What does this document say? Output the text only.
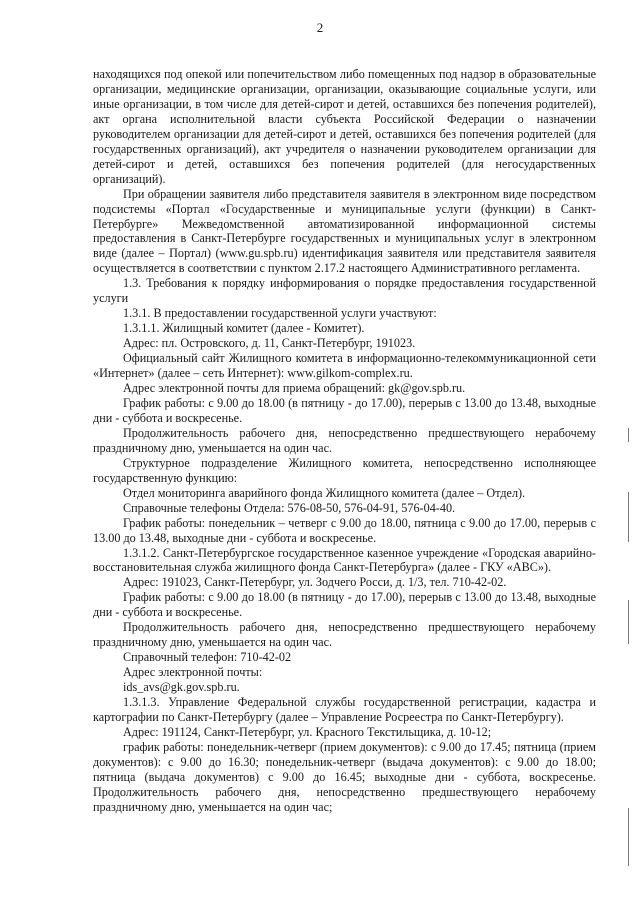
2

находящихся под опекой или попечительством либо помещенных под надзор в образовательные организации, медицинские организации, организации, оказывающие социальные услуги, или иные организации, в том числе для детей-сирот и детей, оставшихся без попечения родителей), акт органа исполнительной власти субъекта Российской Федерации о назначении руководителем организации для детей-сирот и детей, оставшихся без попечения родителей (для государственных организаций), акт учредителя о назначении руководителем организации для детей-сирот и детей, оставшихся без попечения родителей (для негосударственных организаций).

При обращении заявителя либо представителя заявителя в электронном виде посредством подсистемы «Портал «Государственные и муниципальные услуги (функции) в Санкт-Петербурге» Межведомственной автоматизированной информационной системы предоставления в Санкт-Петербурге государственных и муниципальных услуг в электронном виде (далее – Портал) (www.gu.spb.ru) идентификация заявителя или представителя заявителя осуществляется в соответствии с пунктом 2.17.2 настоящего Административного регламента.

1.3. Требования к порядку информирования о порядке предоставления государственной услуги

1.3.1. В предоставлении государственной услуги участвуют:

1.3.1.1. Жилищный комитет (далее - Комитет).

Адрес: пл. Островского, д. 11, Санкт-Петербург, 191023.

Официальный сайт Жилищного комитета в информационно-телекоммуникационной сети «Интернет» (далее – сеть Интернет): www.gilkom-complex.ru.

Адрес электронной почты для приема обращений: gk@gov.spb.ru.

График работы: с 9.00 до 18.00 (в пятницу - до 17.00), перерыв с 13.00 до 13.48, выходные дни - суббота и воскресенье.

Продолжительность рабочего дня, непосредственно предшествующего нерабочему праздничному дню, уменьшается на один час.

Структурное подразделение Жилищного комитета, непосредственно исполняющее государственную функцию:

Отдел мониторинга аварийного фонда Жилищного комитета (далее – Отдел).

Справочные телефоны Отдела: 576-08-50, 576-04-91, 576-04-40.

График работы: понедельник – четверг с 9.00 до 18.00, пятница с 9.00 до 17.00, перерыв с 13.00 до 13.48, выходные дни - суббота и воскресенье.

1.3.1.2. Санкт-Петербургское государственное казенное учреждение «Городская аварийно-восстановительная служба жилищного фонда Санкт-Петербурга» (далее - ГКУ «АВС»).

Адрес: 191023, Санкт-Петербург, ул. Зодчего Росси, д. 1/3, тел. 710-42-02.

График работы: с 9.00 до 18.00 (в пятницу - до 17.00), перерыв с 13.00 до 13.48, выходные дни - суббота и воскресенье.

Продолжительность рабочего дня, непосредственно предшествующего нерабочему праздничному дню, уменьшается на один час.

Справочный телефон: 710-42-02

Адрес электронной почты:

ids_avs@gk.gov.spb.ru.

1.3.1.3. Управление Федеральной службы государственной регистрации, кадастра и картографии по Санкт-Петербургу (далее – Управление Росреестра по Санкт-Петербургу).

Адрес: 191124, Санкт-Петербург, ул. Красного Текстильщика, д. 10-12;

график работы: понедельник-четверг (прием документов): с 9.00 до 17.45; пятница (прием документов): с 9.00 до 16.30; понедельник-четверг (выдача документов): с 9.00 до 18.00; пятница (выдача документов) с 9.00 до 16.45; выходные дни - суббота, воскресенье. Продолжительность рабочего дня, непосредственно предшествующего нерабочему праздничному дню, уменьшается на один час;
